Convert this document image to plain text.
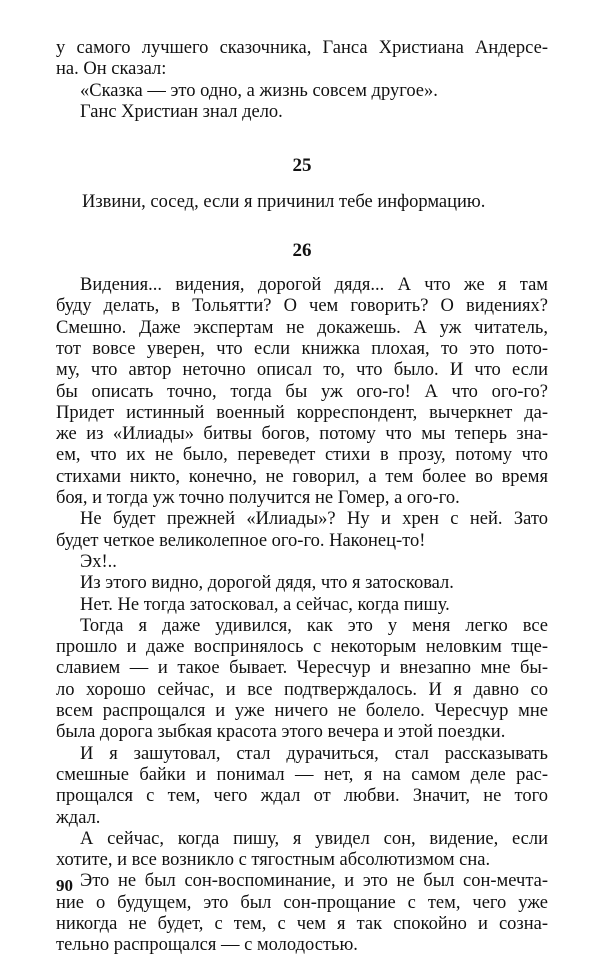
у самого лучшего сказочника, Ганса Христиана Андерсе-
на. Он сказал:
«Сказка — это одно, а жизнь совсем другое».
Ганс Христиан знал дело.
25
Извини, сосед, если я причинил тебе информацию.
26
Видения... видения, дорогой дядя... А что же я там
буду делать, в Тольятти? О чем говорить? О видениях?
Смешно. Даже экспертам не докажешь. А уж читатель,
тот вовсе уверен, что если книжка плохая, то это пото-
му, что автор неточно описал то, что было. И что если
бы описать точно, тогда бы уж ого-го! А что ого-го?
Придет истинный военный корреспондент, вычеркнет да-
же из «Илиады» битвы богов, потому что мы теперь зна-
ем, что их не было, переведет стихи в прозу, потому что
стихами никто, конечно, не говорил, а тем более во время
боя, и тогда уж точно получится не Гомер, а ого-го.
Не будет прежней «Илиады»? Ну и хрен с ней. Зато
будет четкое великолепное ого-го. Наконец-то!
Эх!..
Из этого видно, дорогой дядя, что я затосковал.
Нет. Не тогда затосковал, а сейчас, когда пишу.
Тогда я даже удивился, как это у меня легко все
прошло и даже воспринялось с некоторым неловким тще-
славием — и такое бывает. Чересчур и внезапно мне бы-
ло хорошо сейчас, и все подтверждалось. И я давно со
всем распрощался и уже ничего не болело. Чересчур мне
была дорога зыбкая красота этого вечера и этой поездки.
И я зашутовал, стал дурачиться, стал рассказывать
смешные байки и понимал — нет, я на самом деле рас-
прощался с тем, чего ждал от любви. Значит, не того
ждал.
А сейчас, когда пишу, я увидел сон, видение, если
хотите, и все возникло с тягостным абсолютизмом сна.
Это не был сон-воспоминание, и это не был сон-мечта-
ние о будущем, это был сон-прощание с тем, чего уже
никогда не будет, с тем, с чем я так спокойно и созна-
тельно распрощался — с молодостью.
90
